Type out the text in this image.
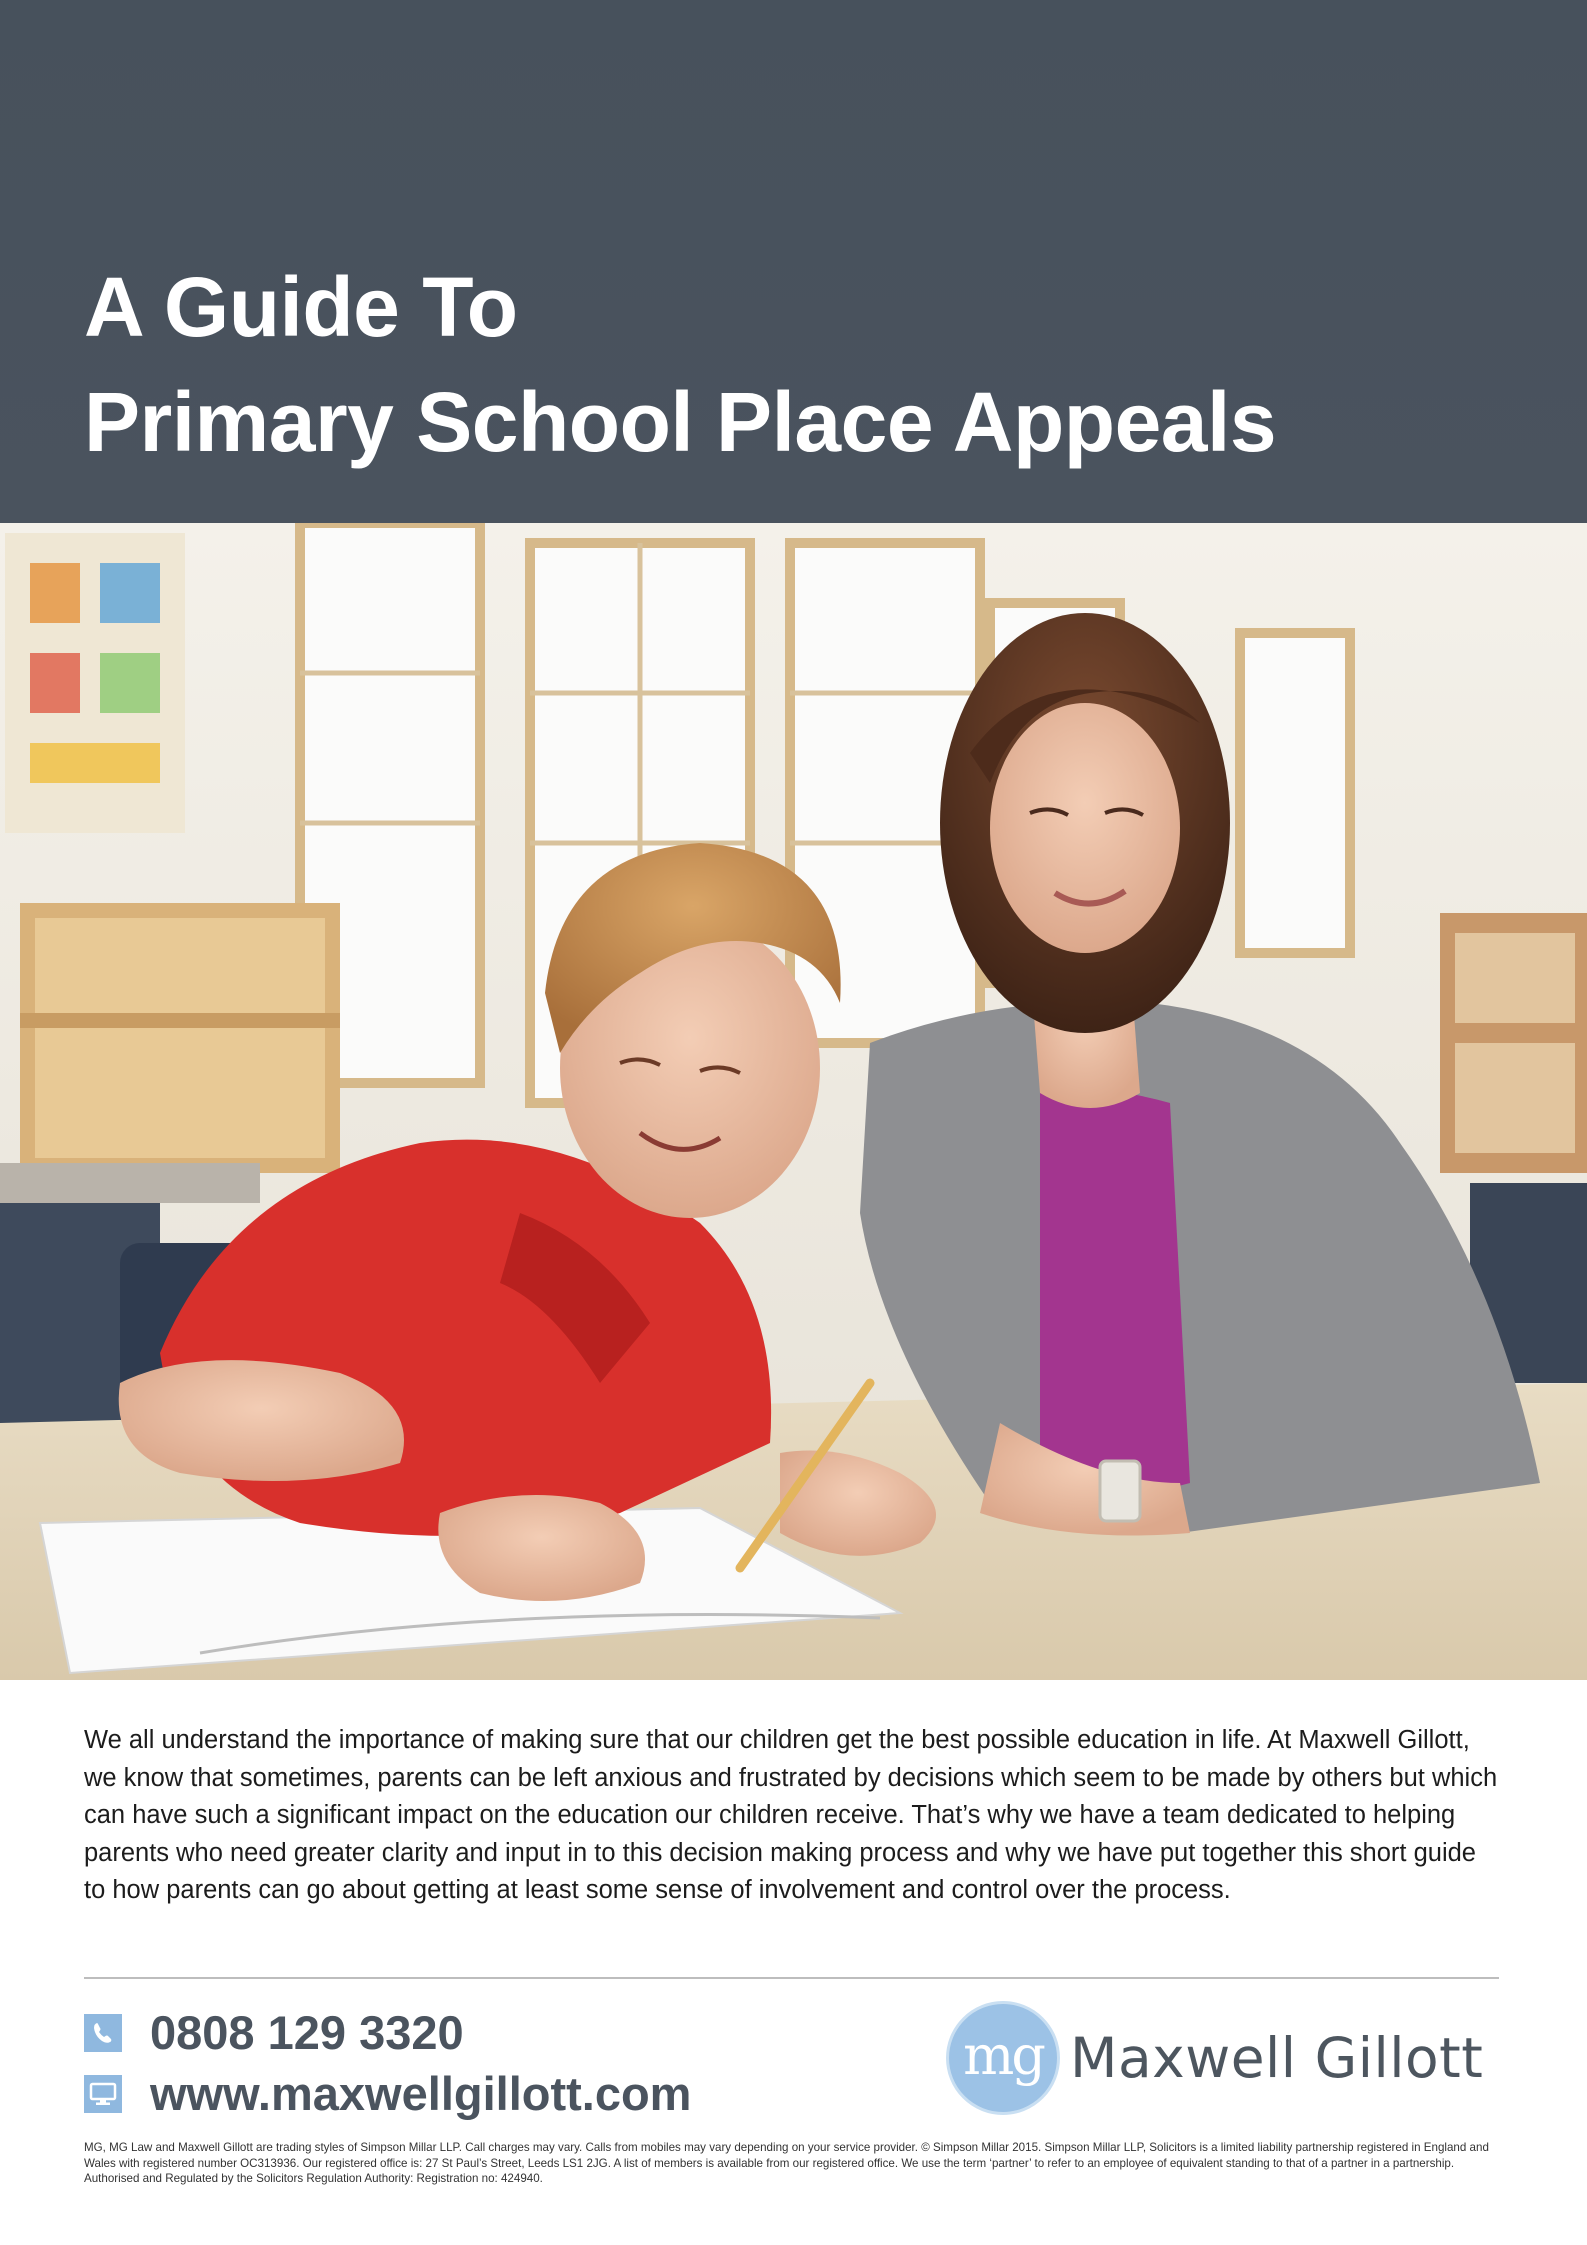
A Guide To
Primary School Place Appeals

We all understand the importance of making sure that our children get the best possible education in life. At Maxwell Gillott, we know that sometimes, parents can be left anxious and frustrated by decisions which seem to be made by others but which can have such a significant impact on the education our children receive. That’s why we have a team dedicated to helping parents who need greater clarity and input in to this decision making process and why we have put together this short guide to how parents can go about getting at least some sense of involvement and control over the process.

0808 129 3320
www.maxwellgillott.com
mg Maxwell Gillott

MG, MG Law and Maxwell Gillott are trading styles of Simpson Millar LLP. Call charges may vary. Calls from mobiles may vary depending on your service provider. © Simpson Millar 2015. Simpson Millar LLP, Solicitors is a limited liability partnership registered in England and Wales with registered number OC313936. Our registered office is: 27 St Paul’s Street, Leeds LS1 2JG. A list of members is available from our registered office. We use the term ‘partner’ to refer to an employee of equivalent standing to that of a partner in a partnership. Authorised and Regulated by the Solicitors Regulation Authority: Registration no: 424940.
